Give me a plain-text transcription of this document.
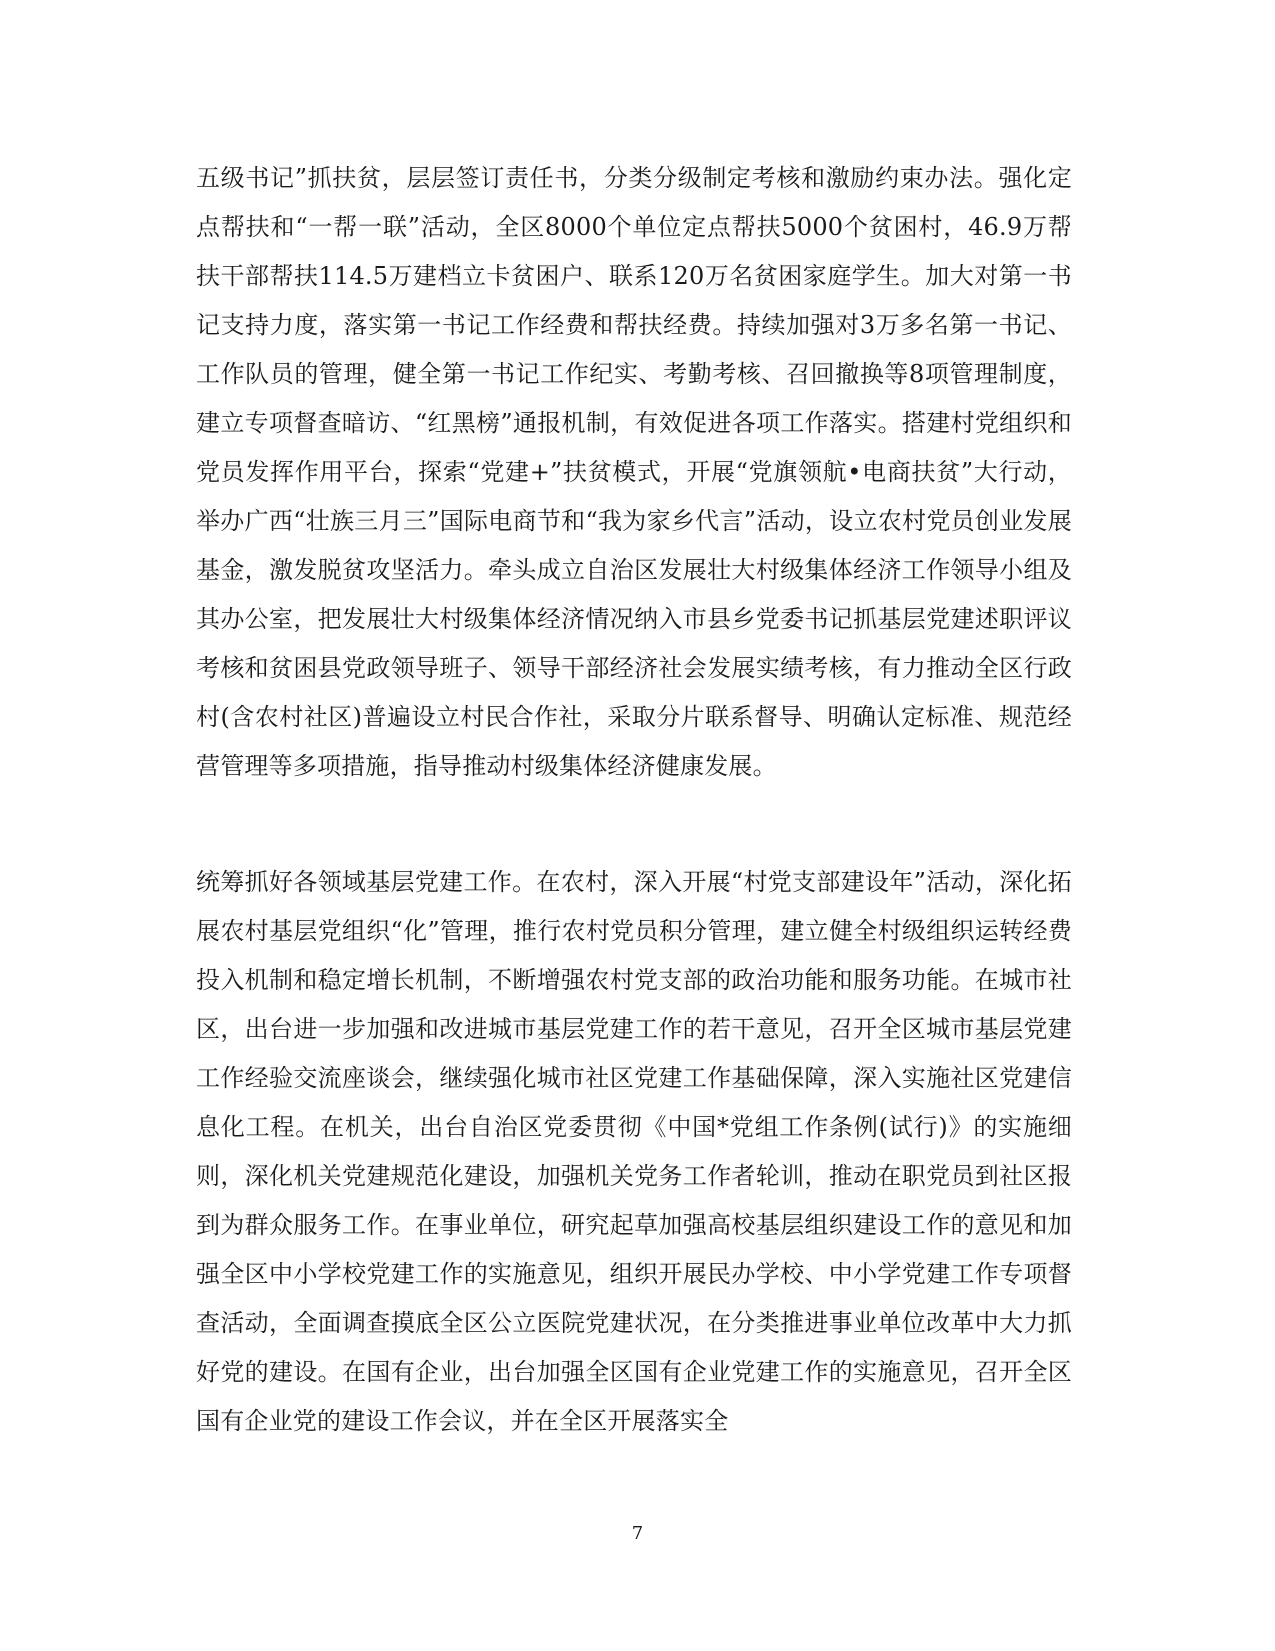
五级书记”抓扶贫，层层签订责任书，分类分级制定考核和激励约束办法。强化定点帮扶和“一帮一联”活动，全区8000个单位定点帮扶5000个贫困村，46.9万帮扶干部帮扶114.5万建档立卡贫困户、联系120万名贫困家庭学生。加大对第一书记支持力度，落实第一书记工作经费和帮扶经费。持续加强对3万多名第一书记、工作队员的管理，健全第一书记工作纪实、考勤考核、召回撤换等8项管理制度，建立专项督查暗访、“红黑榜”通报机制，有效促进各项工作落实。搭建村党组织和党员发挥作用平台，探索“党建+”扶贫模式，开展“党旗领航•电商扶贫”大行动，举办广西“壮族三月三”国际电商节和“我为家乡代言”活动，设立农村党员创业发展基金，激发脱贫攻坚活力。牵头成立自治区发展壮大村级集体经济工作领导小组及其办公室，把发展壮大村级集体经济情况纳入市县乡党委书记抓基层党建述职评议考核和贫困县党政领导班子、领导干部经济社会发展实绩考核，有力推动全区行政村(含农村社区)普遍设立村民合作社，采取分片联系督导、明确认定标准、规范经营管理等多项措施，指导推动村级集体经济健康发展。

统筹抓好各领域基层党建工作。在农村，深入开展“村党支部建设年”活动，深化拓展农村基层党组织“化”管理，推行农村党员积分管理，建立健全村级组织运转经费投入机制和稳定增长机制，不断增强农村党支部的政治功能和服务功能。在城市社区，出台进一步加强和改进城市基层党建工作的若干意见，召开全区城市基层党建工作经验交流座谈会，继续强化城市社区党建工作基础保障，深入实施社区党建信息化工程。在机关，出台自治区党委贯彻《中国*党组工作条例(试行)》的实施细则，深化机关党建规范化建设，加强机关党务工作者轮训，推动在职党员到社区报到为群众服务工作。在事业单位，研究起草加强高校基层组织建设工作的意见和加强全区中小学校党建工作的实施意见，组织开展民办学校、中小学党建工作专项督查活动，全面调查摸底全区公立医院党建状况，在分类推进事业单位改革中大力抓好党的建设。在国有企业，出台加强全区国有企业党建工作的实施意见，召开全区国有企业党的建设工作会议，并在全区开展落实全

7
